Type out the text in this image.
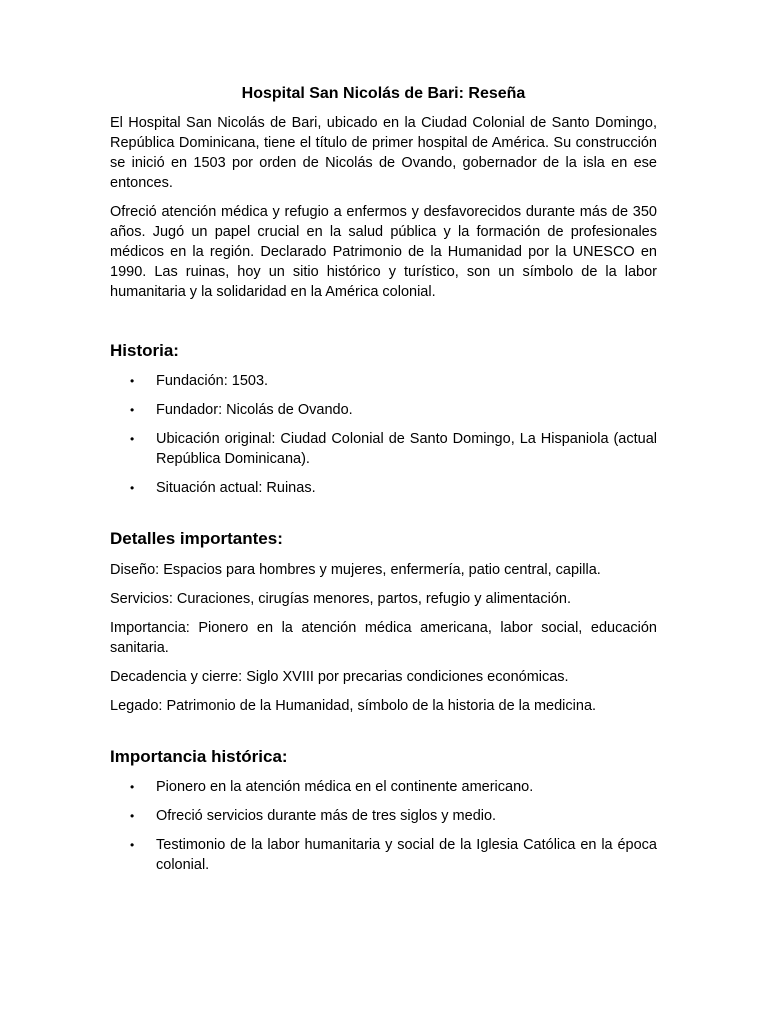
Hospital San Nicolás de Bari: Reseña

El Hospital San Nicolás de Bari, ubicado en la Ciudad Colonial de Santo Domingo, República Dominicana, tiene el título de primer hospital de América. Su construcción se inició en 1503 por orden de Nicolás de Ovando, gobernador de la isla en ese entonces.

Ofreció atención médica y refugio a enfermos y desfavorecidos durante más de 350 años. Jugó un papel crucial en la salud pública y la formación de profesionales médicos en la región. Declarado Patrimonio de la Humanidad por la UNESCO en 1990. Las ruinas, hoy un sitio histórico y turístico, son un símbolo de la labor humanitaria y la solidaridad en la América colonial.

Historia:
• Fundación: 1503.
• Fundador: Nicolás de Ovando.
• Ubicación original: Ciudad Colonial de Santo Domingo, La Hispaniola (actual República Dominicana).
• Situación actual: Ruinas.
Detalles importantes:

Diseño: Espacios para hombres y mujeres, enfermería, patio central, capilla.

Servicios: Curaciones, cirugías menores, partos, refugio y alimentación.

Importancia: Pionero en la atención médica americana, labor social, educación sanitaria.

Decadencia y cierre: Siglo XVIII por precarias condiciones económicas.

Legado: Patrimonio de la Humanidad, símbolo de la historia de la medicina.

Importancia histórica:
• Pionero en la atención médica en el continente americano.
• Ofreció servicios durante más de tres siglos y medio.
• Testimonio de la labor humanitaria y social de la Iglesia Católica en la época colonial.
